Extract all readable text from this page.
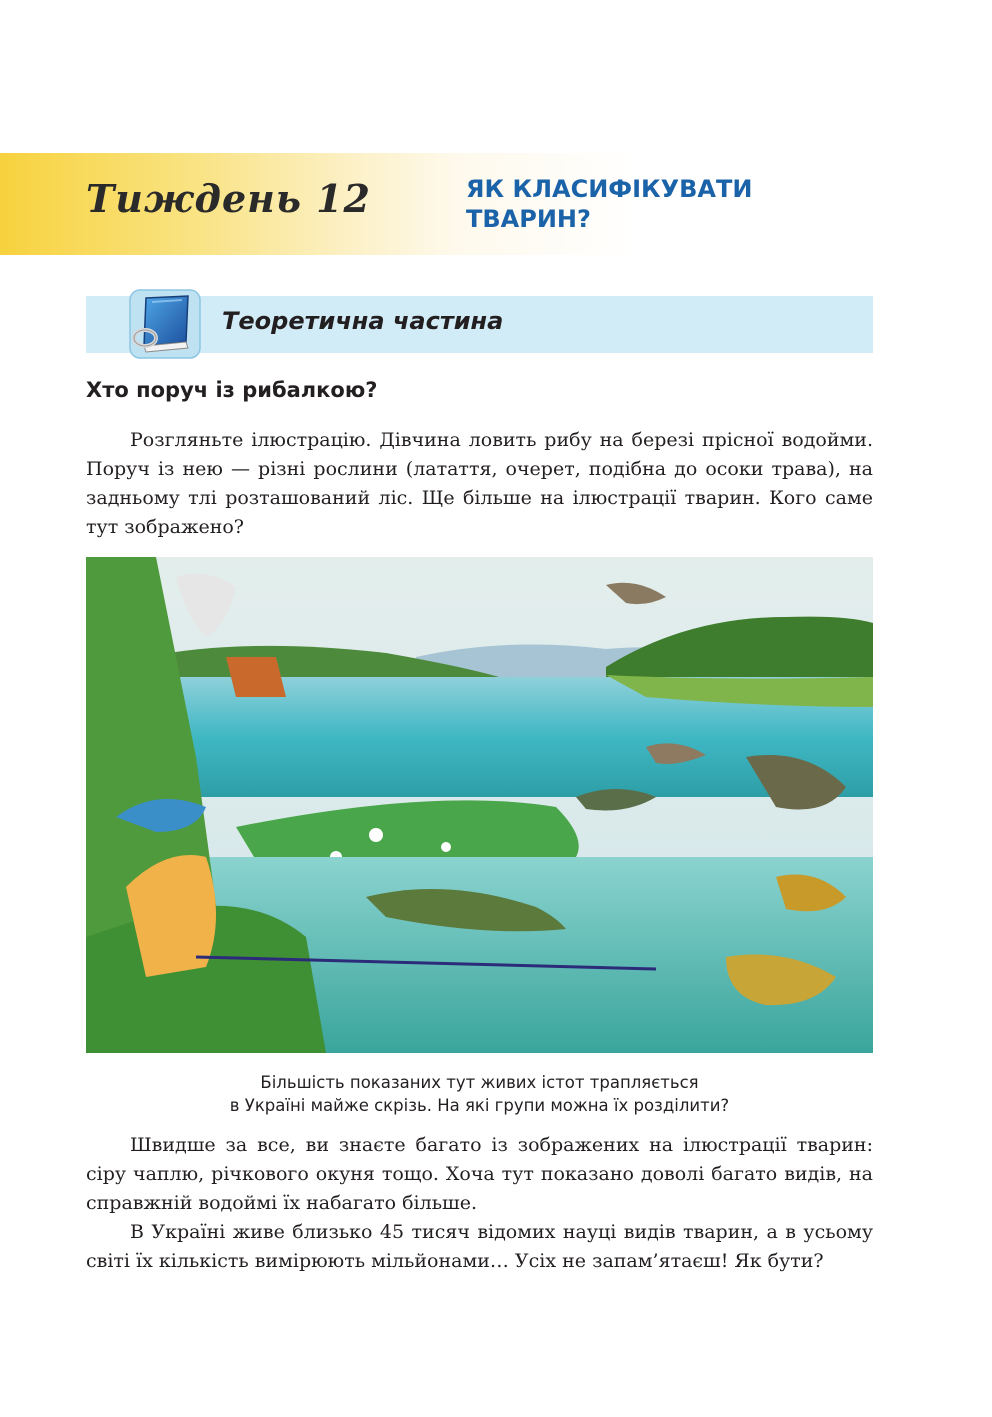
Тиждень 12	ЯК КЛАСИФІКУВАТИ
ТВАРИН?
Теоретична частина
Хто поруч із рибалкою?

Розгляньте ілюстрацію. Дівчина ловить рибу на березі прісної водойми. Поруч із нею — різні рослини (латаття, очерет, подібна до осоки трава), на задньому тлі розташований ліс. Ще більше на ілюстрації тварин. Кого саме тут зображено?

Більшість показаних тут живих істот трапляється
в Україні майже скрізь. На які групи можна їх розділити?

Швидше за все, ви знаєте багато із зображених на ілюстрації тварин: сіру чаплю, річкового окуня тощо. Хоча тут показано доволі багато видів, на справжній водоймі їх набагато більше.

В Україні живе близько 45 тисяч відомих науці видів тварин, а в усьому світі їх кількість вимірюють мільйонами… Усіх не запам’ятаєш! Як бути?
